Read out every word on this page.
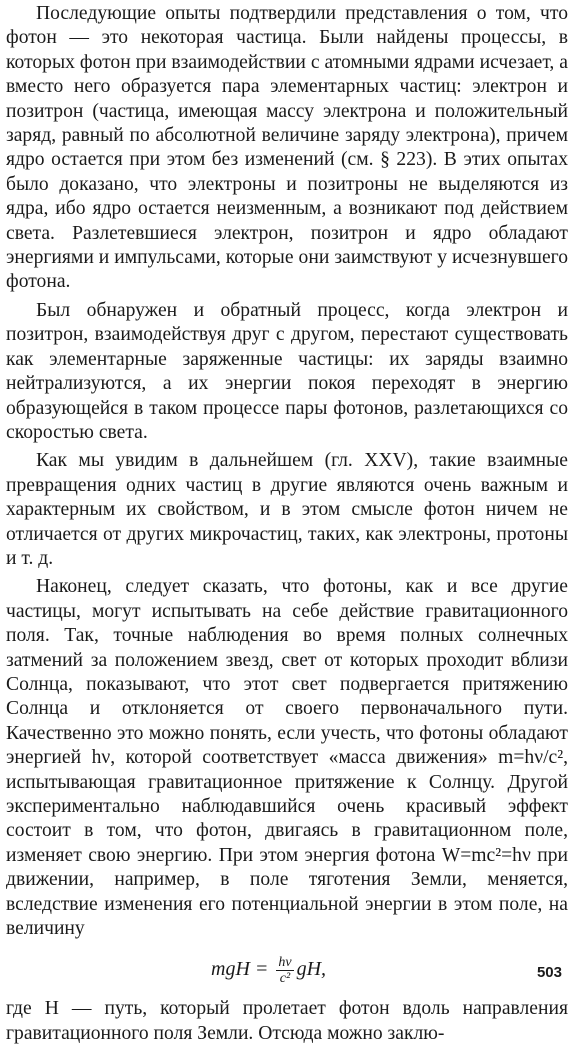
Последующие опыты подтвердили представления о том, что фотон — это некоторая частица. Были найдены процессы, в которых фотон при взаимодействии с атомными ядрами исчезает, а вместо него образуется пара элементарных частиц: электрон и позитрон (частица, имеющая массу электрона и положительный заряд, равный по абсолютной величине заряду электрона), причем ядро остается при этом без изменений (см. § 223). В этих опытах было доказано, что электроны и позитроны не выделяются из ядра, ибо ядро остается неизменным, а возникают под действием света. Разлетевшиеся электрон, позитрон и ядро обладают энергиями и импульсами, которые они заимствуют у исчезнувшего фотона.

Был обнаружен и обратный процесс, когда электрон и позитрон, взаимодействуя друг с другом, перестают существовать как элементарные заряженные частицы: их заряды взаимно нейтрализуются, а их энергии покоя переходят в энергию образующейся в таком процессе пары фотонов, разлетающихся со скоростью света.

Как мы увидим в дальнейшем (гл. XXV), такие взаимные превращения одних частиц в другие являются очень важным и характерным их свойством, и в этом смысле фотон ничем не отличается от других микрочастиц, таких, как электроны, протоны и т. д.

Наконец, следует сказать, что фотоны, как и все другие частицы, могут испытывать на себе действие гравитационного поля. Так, точные наблюдения во время полных солнечных затмений за положением звезд, свет от которых проходит вблизи Солнца, показывают, что этот свет подвергается притяжению Солнца и отклоняется от своего первоначального пути. Качественно это можно понять, если учесть, что фотоны обладают энергией hν, которой соответствует «масса движения» m=hν/c², испытывающая гравитационное притяжение к Солнцу. Другой экспериментально наблюдавшийся очень красивый эффект состоит в том, что фотон, двигаясь в гравитационном поле, изменяет свою энергию. При этом энергия фотона W=mc²=hν при движении, например, в поле тяготения Земли, меняется, вследствие изменения его потенциальной энергии в этом поле, на величину

mgH = $\frac{h\nu}{\text{c²}}$ gH,

где H — путь, который пролетает фотон вдоль направления гравитационного поля Земли. Отсюда можно заклю-

503
